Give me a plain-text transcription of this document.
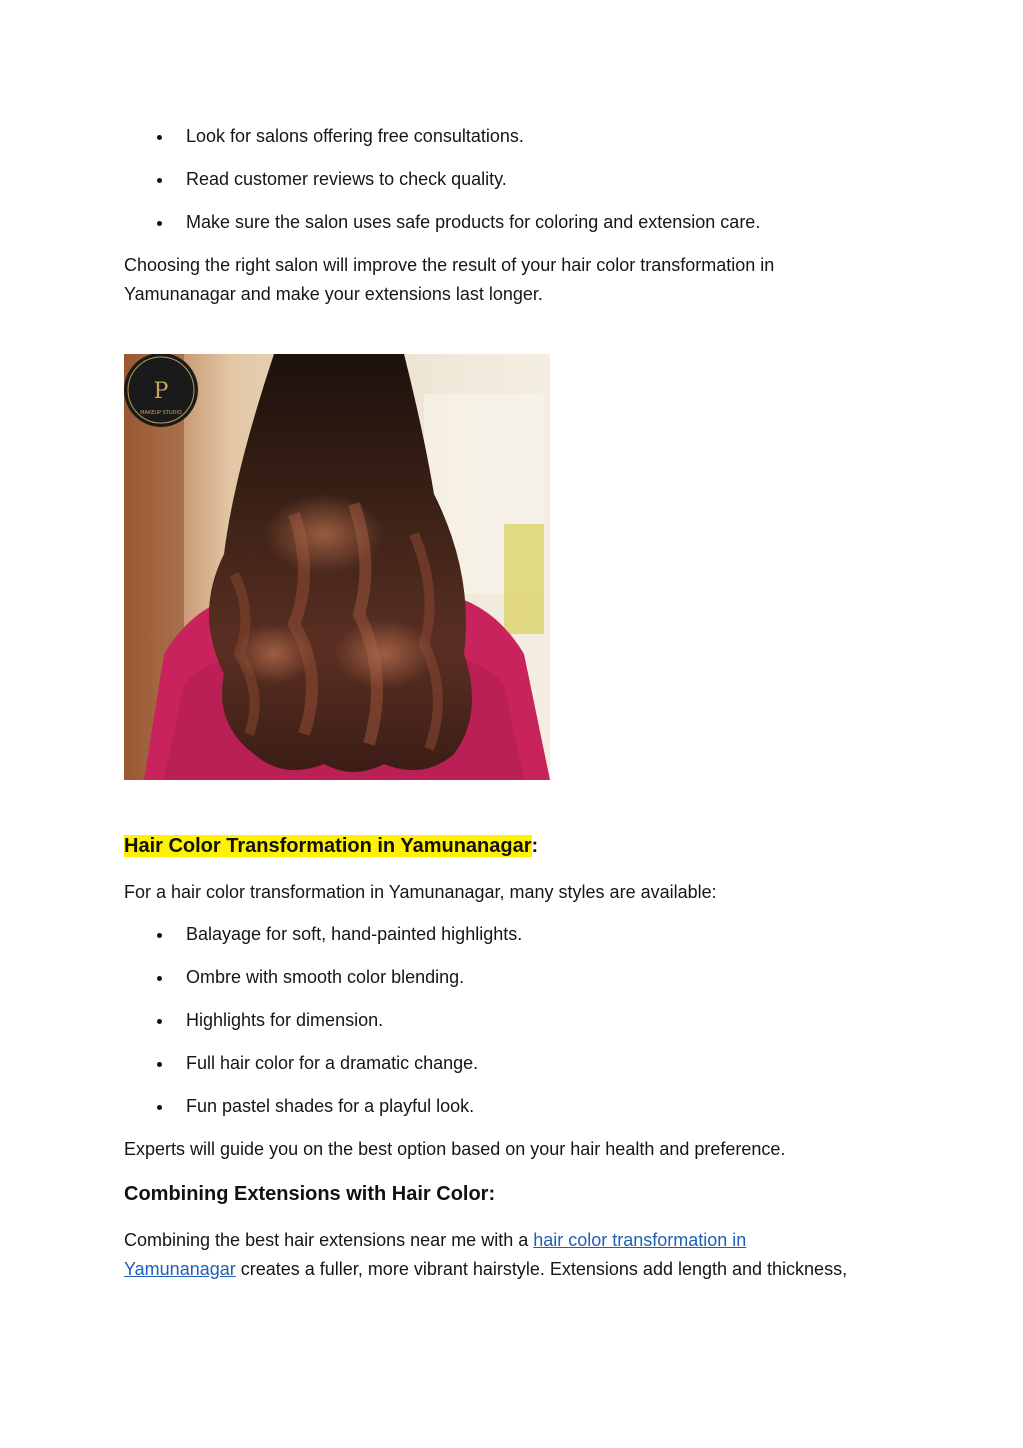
Look for salons offering free consultations.
Read customer reviews to check quality.
Make sure the salon uses safe products for coloring and extension care.
Choosing the right salon will improve the result of your hair color transformation in
Yamunanagar and make your extensions last longer.
P
MAKEUP STUDIO
Hair Color Transformation in Yamunanagar:
For a hair color transformation in Yamunanagar, many styles are available:
Balayage for soft, hand-painted highlights.
Ombre with smooth color blending.
Highlights for dimension.
Full hair color for a dramatic change.
Fun pastel shades for a playful look.
Experts will guide you on the best option based on your hair health and preference.
Combining Extensions with Hair Color:
Combining the best hair extensions near me with a hair color transformation in
Yamunanagar creates a fuller, more vibrant hairstyle. Extensions add length and thickness,
